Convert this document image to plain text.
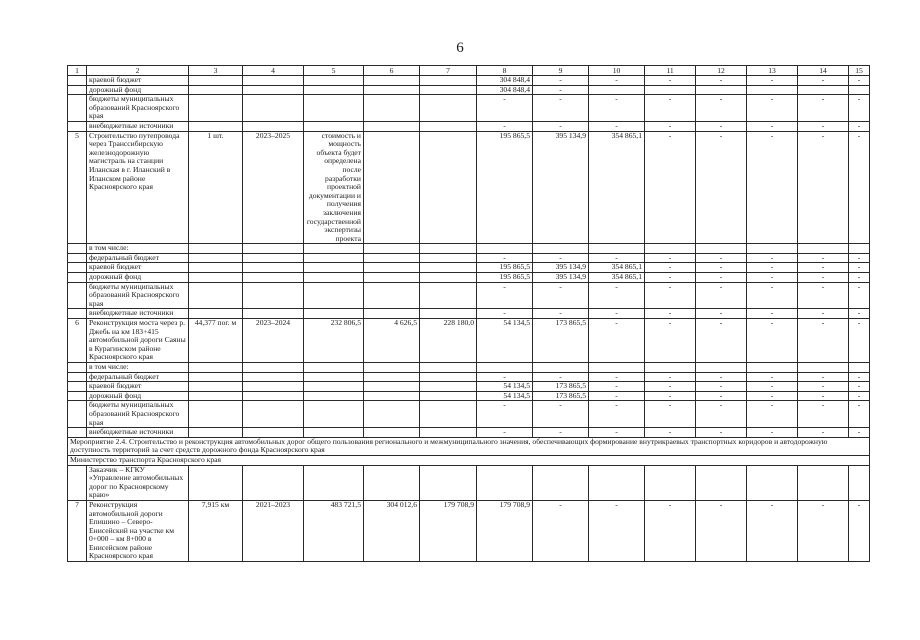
6
1	2	3	4	5	6	7	8	9	10	11	12	13	14	15
	краевой бюджет						304 848,4	-	-	-	-	-	-	-
	дорожный фонд						304 848,4	-						
	бюджеты муниципальных образований Красноярского края						-	-	-	-	-	-	-	-
	внебюджетные источники						-	-	-	-	-	-	-	-
5	Строительство путепровода через Транссибирскую железнодорожную магистраль на станции Иланская в г. Иланский в Иланском районе Красноярского края	1 шт.	2023–2025	стоимость и мощность объекта будет определена после разработки проектной документации и получения заключения государственной экспертизы проекта			195 865,5	395 134,9	354 865,1	-	-	-	-	-
	в том числе:													
	федеральный бюджет						-	-	-	-	-	-	-	-
	краевой бюджет						195 865,5	395 134,9	354 865,1	-	-	-	-	-
	дорожный фонд						195 865,5	395 134,9	354 865,1	-	-	-	-	-
	бюджеты муниципальных образований Красноярского края						-	-	-	-	-	-	-	-
	внебюджетные источники						-	-	-	-	-	-	-	-
6	Реконструкция моста через р. Джебь на км 183+415 автомобильной дороги Саяны в Курагинском районе Красноярского края	44,377 пог. м	2023–2024	232 806,5	4 626,5	228 180,0	54 134,5	173 865,5	-	-	-	-	-	-
	в том числе:													
	федеральный бюджет						-	-	-	-	-	-	-	-
	краевой бюджет						54 134,5	173 865,5	-	-	-	-	-	-
	дорожный фонд						54 134,5	173 865,5	-	-	-	-	-	-
	бюджеты муниципальных образований Красноярского края						-	-	-	-	-	-	-	-
	внебюджетные источники						-	-	-	-	-	-	-	-
Мероприятие 2.4. Строительство и реконструкция автомобильных дорог общего пользования регионального и межмуниципального значения, обеспечивающих формирование внутрикраевых транспортных коридоров и автодорожную доступность территорий за счет средств дорожного фонда Красноярского края														
Министерство транспорта Красноярского края														
	Заказчик – КГКУ «Управление автомобильных дорог по Красноярскому краю»													
7	Реконструкция автомобильной дороги Епишино – Северо-Енисейский на участке км 0+000 – км 8+000 в Енисейском районе Красноярского края	7,915 км	2021–2023	483 721,5	304 012,6	179 708,9	179 708,9	-	-	-	-	-	-	-
